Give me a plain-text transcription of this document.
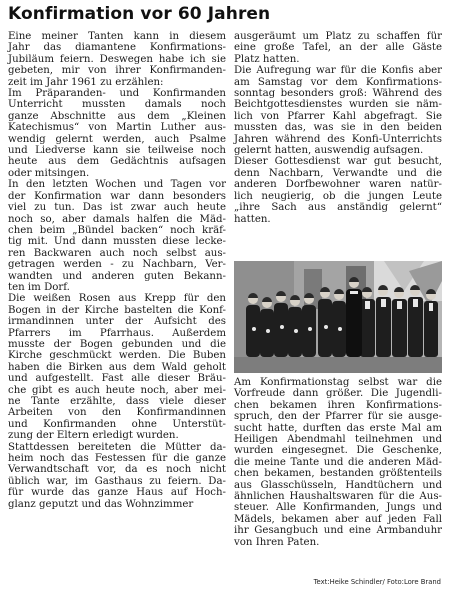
Konfirmation vor 60 Jahren
Eine meiner Tanten kann in diesem
Jahr das diamantene Konfirmations-
Jubiläum feiern. Deswegen habe ich sie
gebeten, mir von ihrer Konfirmanden-
zeit im Jahr 1961 zu erzählen:
Im Präparanden- und Konfirmanden
Unterricht mussten damals noch
ganze Abschnitte aus dem „Kleinen
Katechismus“ von Martin Luther aus-
wendig gelernt werden, auch Psalme
und Liedverse kann sie teilweise noch
heute aus dem Gedächtnis aufsagen
oder mitsingen.
In den letzten Wochen und Tagen vor
der Konfirmation war dann besonders
viel zu tun. Das ist zwar auch heute
noch so, aber damals halfen die Mäd-
chen beim „Bündel backen“ noch kräf-
tig mit. Und dann mussten diese lecke-
ren Backwaren auch noch selbst aus-
getragen werden - zu Nachbarn, Ver-
wandten und anderen guten Bekann-
ten im Dorf.
Die weißen Rosen aus Krepp für den
Bogen in der Kirche bastelten die Konf-
irmandinnen unter der Aufsicht des
Pfarrers im Pfarrhaus. Außerdem
musste der Bogen gebunden und die
Kirche geschmückt werden. Die Buben
haben die Birken aus dem Wald geholt
und aufgestellt. Fast alle dieser Bräu-
che gibt es auch heute noch, aber mei-
ne Tante erzählte, dass viele dieser
Arbeiten von den Konfirmandinnen
und Konfirmanden ohne Unterstüt-
zung der Eltern erledigt wurden.
Stattdessen bereiteten die Mütter da-
heim noch das Festessen für die ganze
Verwandtschaft vor, da es noch nicht
üblich war, im Gasthaus zu feiern. Da-
für wurde das ganze Haus auf Hoch-
glanz geputzt und das Wohnzimmer
ausgeräumt um Platz zu schaffen für
eine große Tafel, an der alle Gäste
Platz hatten.
Die Aufregung war für die Konfis aber
am Samstag vor dem Konfirmations-
sonntag besonders groß: Während des
Beichtgottesdienstes wurden sie näm-
lich von Pfarrer Kahl abgefragt. Sie
mussten das, was sie in den beiden
Jahren während des Konfi-Unterrichts
gelernt hatten, auswendig aufsagen.
Dieser Gottesdienst war gut besucht,
denn Nachbarn, Verwandte und die
anderen Dorfbewohner waren natür-
lich neugierig, ob die jungen Leute
„ihre Sach aus anständig gelernt“
hatten.
Am Konfirmationstag selbst war die
Vorfreude dann größer. Die Jugendli-
chen bekamen ihren Konfirmations-
spruch, den der Pfarrer für sie ausge-
sucht hatte, durften das erste Mal am
Heiligen Abendmahl teilnehmen und
wurden eingesegnet. Die Geschenke,
die meine Tante und die anderen Mäd-
chen bekamen, bestanden größtenteils
aus Glasschüsseln, Handtüchern und
ähnlichen Haushaltswaren für die Aus-
steuer. Alle Konfirmanden, Jungs und
Mädels, bekamen aber auf jeden Fall
ihr Gesangbuch und eine Armbanduhr
von Ihren Paten.
Text:Heike Schindler/ Foto:Lore Brand
